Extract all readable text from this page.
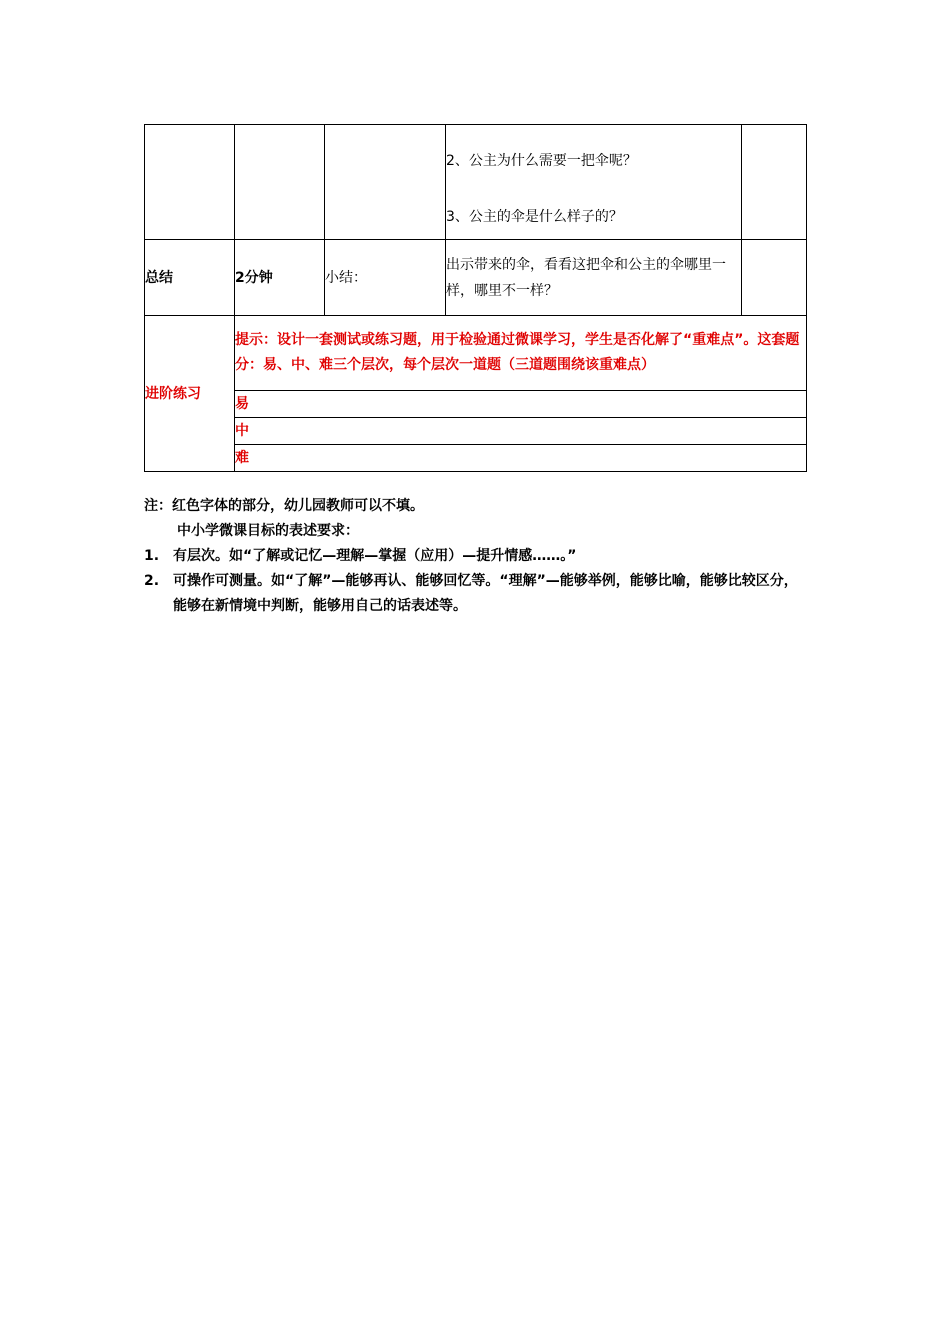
			2、公主为什么需要一把伞呢？
3、公主的伞是什么样子的？	

总结	2分钟	小结：	出示带来的伞，看看这把伞和公主的伞哪里一样，哪里不一样？	
进阶练习	提示：设计一套测试或练习题，用于检验通过微课学习，学生是否化解了“重难点”。这套题分：易、中、难三个层次，每个层次一道题（三道题围绕该重难点）			
	易			
	中			
	难			

注：红色字体的部分，幼儿园教师可以不填。

中小学微课目标的表述要求：

1. 有层次。如“了解或记忆—理解—掌握（应用）—提升情感……。”
2. 可操作可测量。如“了解”—能够再认、能够回忆等。“理解”—能够举例，能够比喻，能够比较区分，能够在新情境中判断，能够用自己的话表述等。
